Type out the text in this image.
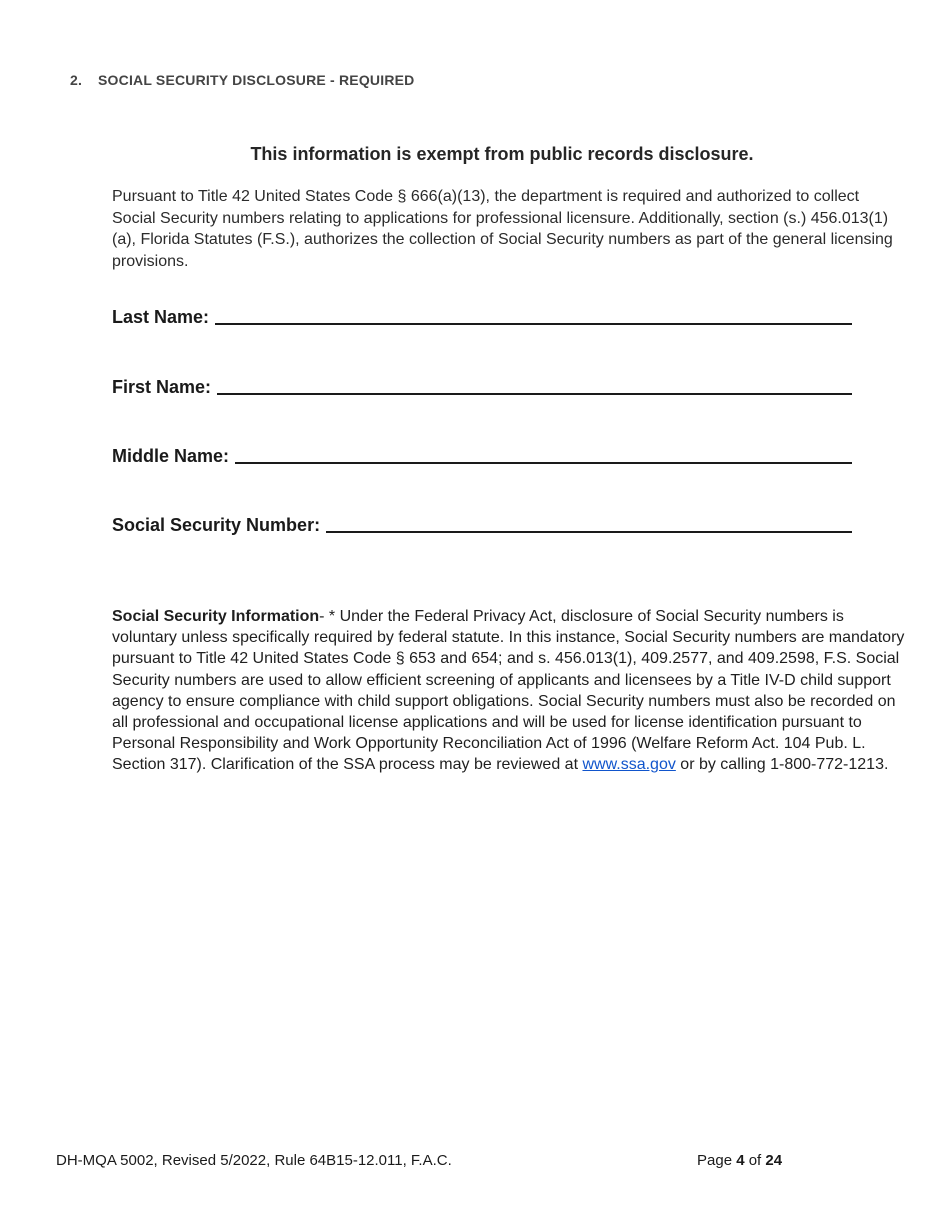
2. SOCIAL SECURITY DISCLOSURE - REQUIRED
This information is exempt from public records disclosure.
Pursuant to Title 42 United States Code § 666(a)(13), the department is required and authorized to collect Social Security numbers relating to applications for professional licensure. Additionally, section (s.) 456.013(1)(a), Florida Statutes (F.S.), authorizes the collection of Social Security numbers as part of the general licensing provisions.
Last Name:
First Name:
Middle Name:
Social Security Number:
Social Security Information- * Under the Federal Privacy Act, disclosure of Social Security numbers is voluntary unless specifically required by federal statute. In this instance, Social Security numbers are mandatory pursuant to Title 42 United States Code § 653 and 654; and s. 456.013(1), 409.2577, and 409.2598, F.S. Social Security numbers are used to allow efficient screening of applicants and licensees by a Title IV-D child support agency to ensure compliance with child support obligations. Social Security numbers must also be recorded on all professional and occupational license applications and will be used for license identification pursuant to Personal Responsibility and Work Opportunity Reconciliation Act of 1996 (Welfare Reform Act. 104 Pub. L. Section 317). Clarification of the SSA process may be reviewed at www.ssa.gov or by calling 1-800-772-1213.
DH-MQA 5002, Revised 5/2022, Rule 64B15-12.011, F.A.C.	Page 4 of 24
